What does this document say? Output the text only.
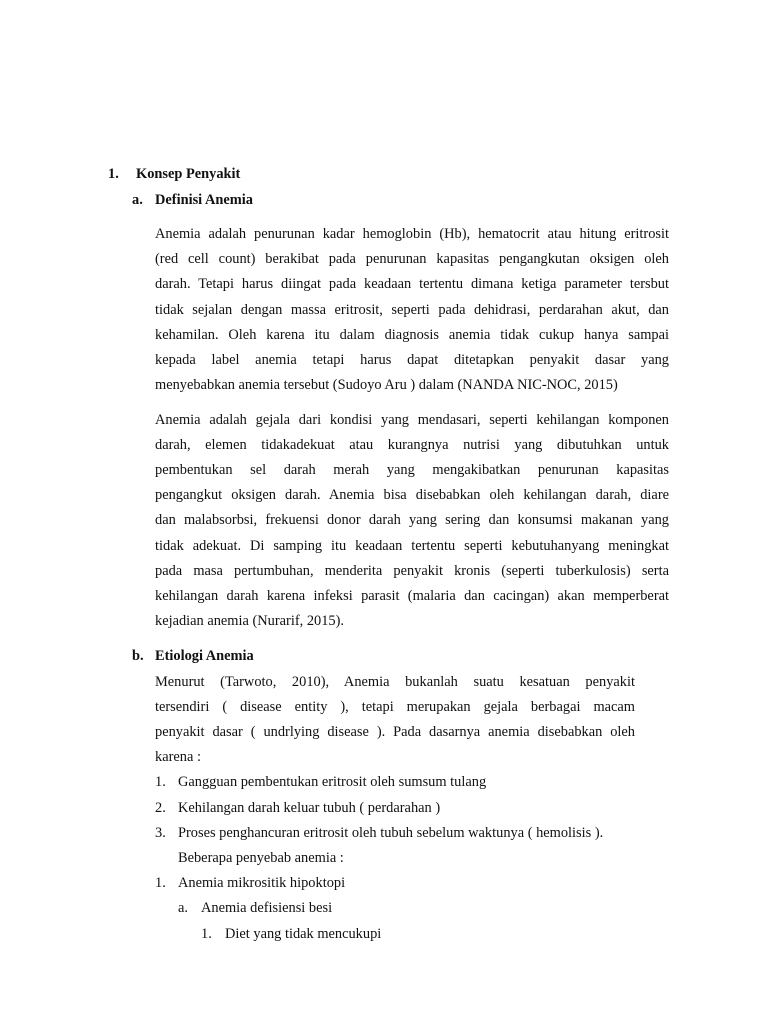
1. Konsep Penyakit
a. Definisi Anemia
Anemia adalah penurunan kadar hemoglobin (Hb), hematocrit atau hitung eritrosit
(red cell count) berakibat pada penurunan kapasitas pengangkutan oksigen oleh
darah. Tetapi harus diingat pada keadaan tertentu dimana ketiga parameter tersbut
tidak sejalan dengan massa eritrosit, seperti pada dehidrasi, perdarahan akut, dan
kehamilan. Oleh karena itu dalam diagnosis anemia tidak cukup hanya sampai
kepada label anemia tetapi harus dapat ditetapkan penyakit dasar yang
menyebabkan anemia tersebut (Sudoyo Aru ) dalam (NANDA NIC-NOC, 2015)
Anemia adalah gejala dari kondisi yang mendasari, seperti kehilangan komponen
darah, elemen tidakadekuat atau kurangnya nutrisi yang dibutuhkan untuk
pembentukan sel darah merah yang mengakibatkan penurunan kapasitas
pengangkut oksigen darah. Anemia bisa disebabkan oleh kehilangan darah, diare
dan malabsorbsi, frekuensi donor darah yang sering dan konsumsi makanan yang
tidak adekuat. Di samping itu keadaan tertentu seperti kebutuhanyang meningkat
pada masa pertumbuhan, menderita penyakit kronis (seperti tuberkulosis) serta
kehilangan darah karena infeksi parasit (malaria dan cacingan) akan memperberat
kejadian anemia (Nurarif, 2015).
b. Etiologi Anemia
Menurut (Tarwoto, 2010), Anemia bukanlah suatu kesatuan penyakit
tersendiri ( disease entity ), tetapi merupakan gejala berbagai macam
penyakit dasar ( undrlying disease ). Pada dasarnya anemia disebabkan oleh
karena :
1. Gangguan pembentukan eritrosit oleh sumsum tulang
2. Kehilangan darah keluar tubuh ( perdarahan )
3. Proses penghancuran eritrosit oleh tubuh sebelum waktunya ( hemolisis ).
Beberapa penyebab anemia :
1. Anemia mikrositik hipoktopi
a. Anemia defisiensi besi
1. Diet yang tidak mencukupi
